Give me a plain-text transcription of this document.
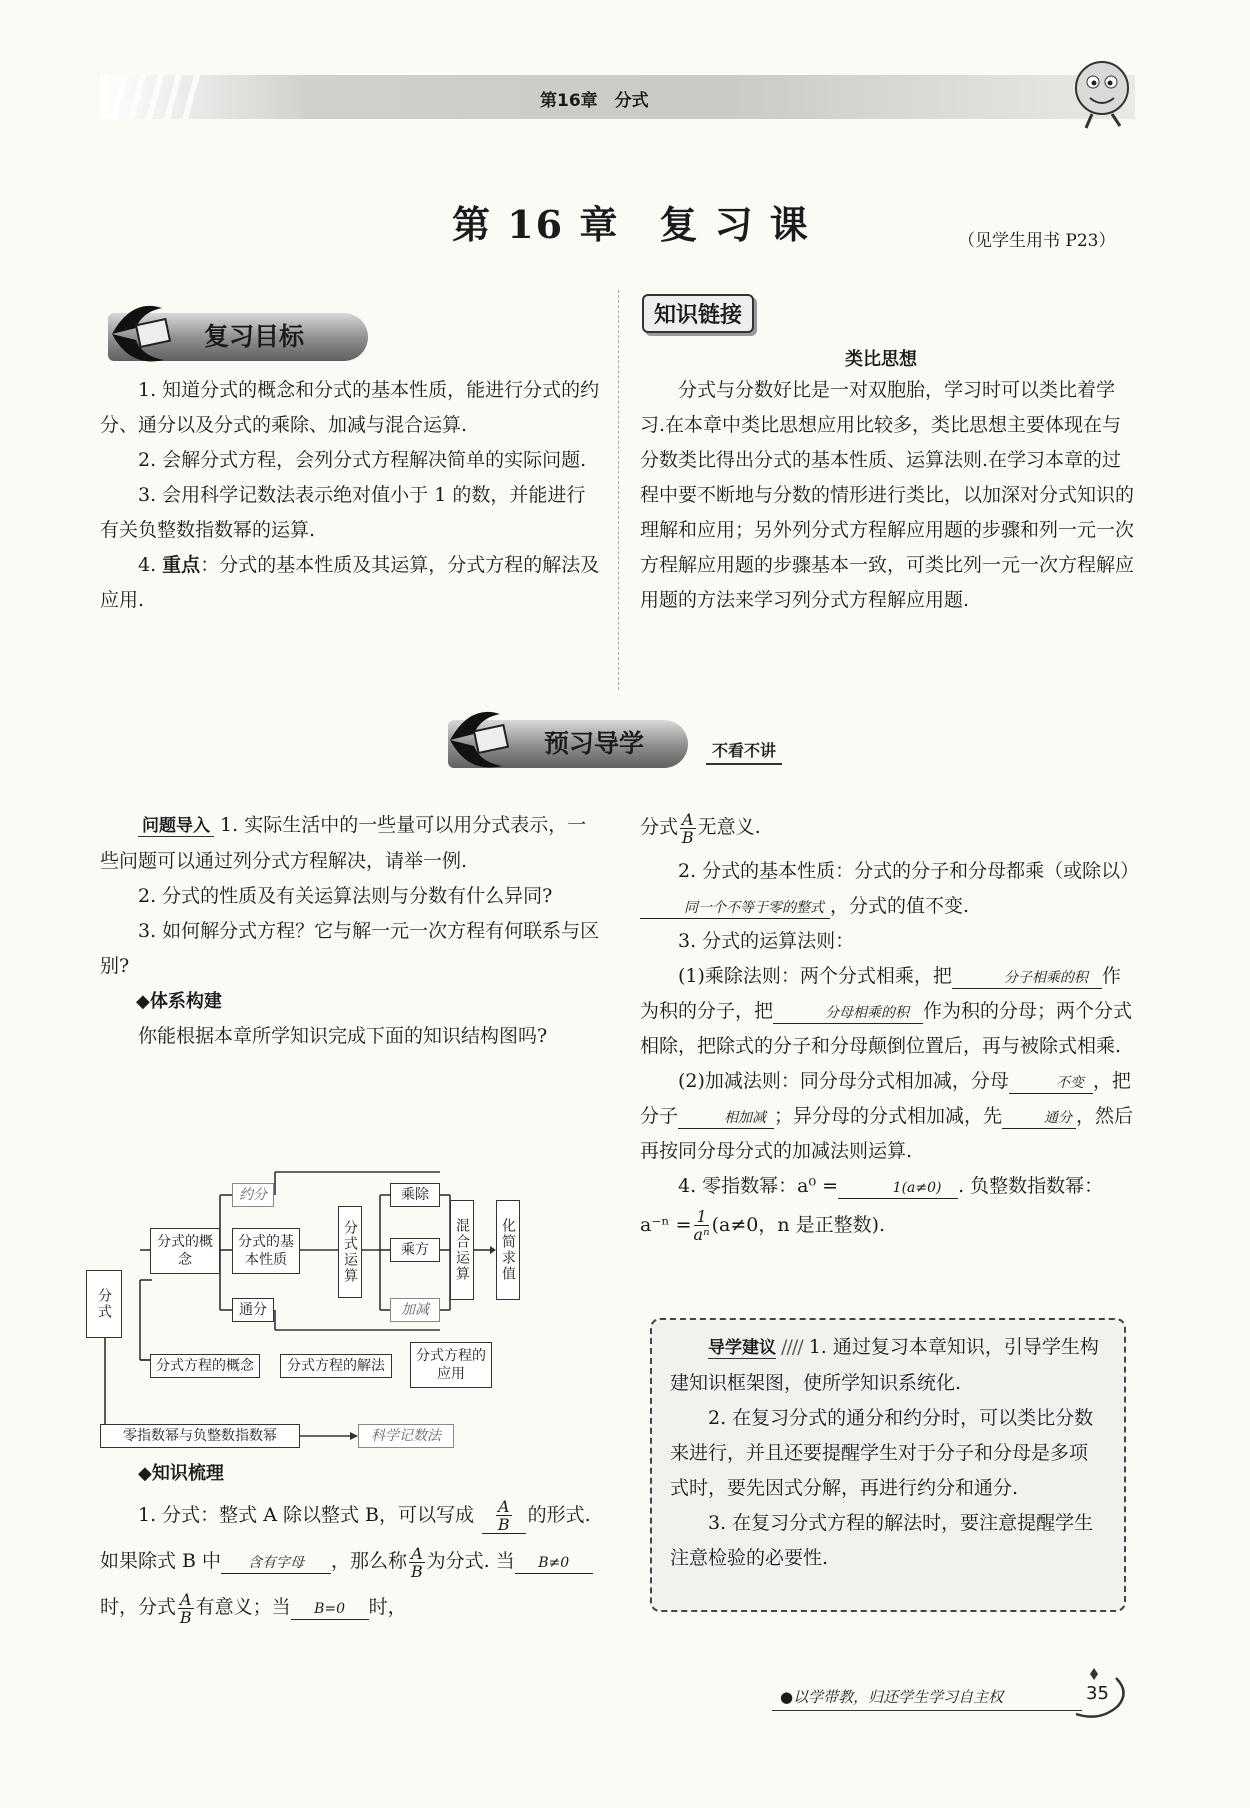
第16章　 分式
第 16 章　复 习 课	（见学生用书 P23）
复习目标
1. 知道分式的概念和分式的基本性质，能进行分式的约分、通分以及分式的乘除、加减与混合运算.
2. 会解分式方程，会列分式方程解决简单的实际问题.
3. 会用科学记数法表示绝对值小于 1 的数，并能进行有关负整数指数幂的运算.
4. 重点：分式的基本性质及其运算，分式方程的解法及应用.
知识链接
类比思想
分式与分数好比是一对双胞胎，学习时可以类比着学习.在本章中类比思想应用比较多，类比思想主要体现在与分数类比得出分式的基本性质、运算法则.在学习本章的过程中要不断地与分数的情形进行类比，以加深对分式知识的理解和应用；另外列分式方程解应用题的步骤和列一元一次方程解应用题的步骤基本一致，可类比列一元一次方程解应用题的方法来学习列分式方程解应用题.
预习导学	不看不讲
问题导入 1. 实际生活中的一些量可以用分式表示，一些问题可以通过列分式方程解决，请举一例.
2. 分式的性质及有关运算法则与分数有什么异同?
3. 如何解分式方程？它与解一元一次方程有何联系与区别?
◆体系构建
你能根据本章所学知识完成下面的知识结构图吗?
分式
分式的概念
约分
分式的基本性质
通分
分式运算
乘除
乘方
加减
混合运算 化简求值
分式方程的概念	分式方程的解法
分式方程的应用
零指数幂与负整数指数幂	科学记数法
◆知识梳理
1. 分式：整式 A 除以整式 B，可以写成 $\frac{A}{B}$ 的形式. 如果除式 B 中 含有字母 ，那么称 $\frac{A}{B}$ 为分式. 当 B≠0时，分式 $\frac{A}{B}$ 有意义；当 B=0 时，
分式 $\frac{A}{B}$ 无意义.
2. 分式的基本性质：分式的分子和分母都乘（或除以）同一个不等于零的整式 ，分式的值不变.
3. 分式的运算法则：
(1)乘除法则：两个分式相乘，把	分子相乘的积 作为积的分子，把	分母相乘的积 作为积的分母；两个分式相除，把除式的分子和分母颠倒位置后，再与被除式相乘.
(2)加减法则：同分母分式相加减，分母	不变 ，把分子	相加减 ；异分母的分式相加减，先	通分 ，然后再按同分母分式的加减法则运算.
4. 零指数幂：a⁰ =	1(a≠0) . 负整数指数幂：
$a^{-n} = \frac{1}{\text{aⁿ}} (a\ne 0$，n 是正整数).
导学建议 //// 1. 通过复习本章知识，引导学生构建知识框架图，使所学知识系统化.
2. 在复习分式的通分和约分时，可以类比分数来进行，并且还要提醒学生对于分子和分母是多项式时，要先因式分解，再进行约分和通分.
3. 在复习分式方程的解法时，要注意提醒学生注意检验的必要性.
●以学带教，归还学生学习自主权	35
